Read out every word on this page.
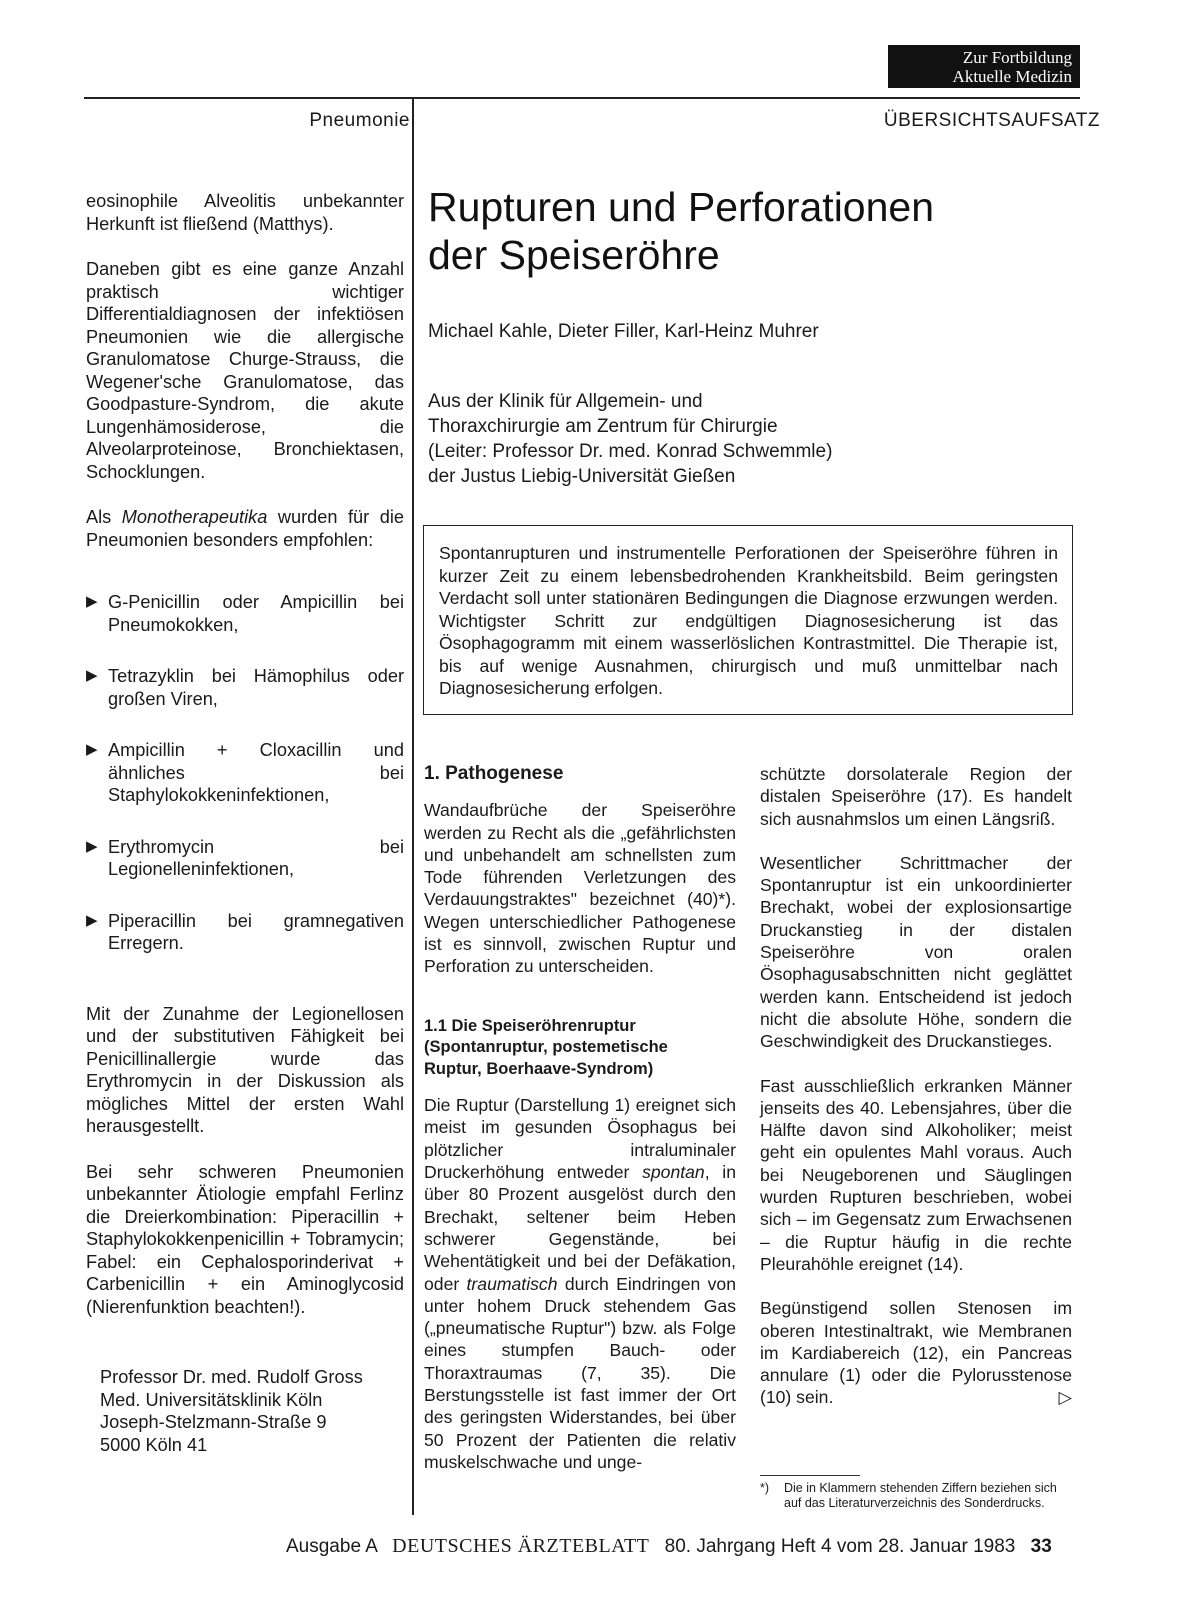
Zur Fortbildung
Aktuelle Medizin
Pneumonie	ÜBERSICHTSAUFSATZ

eosinophile Alveolitis unbekannter Herkunft ist fließend (Matthys).

Daneben gibt es eine ganze Anzahl praktisch wichtiger Differentialdiagnosen der infektiösen Pneumonien wie die allergische Granulomatose Churge-Strauss, die Wegener'sche Granulomatose, das Goodpasture-Syndrom, die akute Lungenhämosiderose, die Alveolarproteinose, Bronchiektasen, Schocklungen.

Als Monotherapeutika wurden für die Pneumonien besonders empfohlen:

▶ G-Penicillin oder Ampicillin bei Pneumokokken,
▶ Tetrazyklin bei Hämophilus oder großen Viren,
▶ Ampicillin + Cloxacillin und ähnliches bei Staphylokokkeninfektionen,
▶ Erythromycin bei Legionelleninfektionen,
▶ Piperacillin bei gramnegativen Erregern.

Mit der Zunahme der Legionellosen und der substitutiven Fähigkeit bei Penicillinallergie wurde das Erythromycin in der Diskussion als mögliches Mittel der ersten Wahl herausgestellt.

Bei sehr schweren Pneumonien unbekannter Ätiologie empfahl Ferlinz die Dreierkombination: Piperacillin + Staphylokokkenpenicillin + Tobramycin; Fabel: ein Cephalosporinderivat + Carbenicillin + ein Aminoglycosid (Nierenfunktion beachten!).

Professor Dr. med. Rudolf Gross
Med. Universitätsklinik Köln
Joseph-Stelzmann-Straße 9
5000 Köln 41

Rupturen und Perforationen
der Speiseröhre
Michael Kahle, Dieter Filler, Karl-Heinz Muhrer
Aus der Klinik für Allgemein- und
Thoraxchirurgie am Zentrum für Chirurgie
(Leiter: Professor Dr. med. Konrad Schwemmle)
der Justus Liebig-Universität Gießen

Spontanrupturen und instrumentelle Perforationen der Speiseröhre führen in kurzer Zeit zu einem lebensbedrohenden Krankheitsbild. Beim geringsten Verdacht soll unter stationären Bedingungen die Diagnose erzwungen werden. Wichtigster Schritt zur endgültigen Diagnosesicherung ist das Ösophagogramm mit einem wasserlöslichen Kontrastmittel. Die Therapie ist, bis auf wenige Ausnahmen, chirurgisch und muß unmittelbar nach Diagnosesicherung erfolgen.

1. Pathogenese

Wandaufbrüche der Speiseröhre werden zu Recht als die „gefährlichsten und unbehandelt am schnellsten zum Tode führenden Verletzungen des Verdauungstraktes" bezeichnet (40)*). Wegen unterschiedlicher Pathogenese ist es sinnvoll, zwischen Ruptur und Perforation zu unterscheiden.

1.1 Die Speiseröhrenruptur
(Spontanruptur, postemetische
Ruptur, Boerhaave-Syndrom)

Die Ruptur (Darstellung 1) ereignet sich meist im gesunden Ösophagus bei plötzlicher intraluminaler Druckerhöhung entweder spontan, in über 80 Prozent ausgelöst durch den Brechakt, seltener beim Heben schwerer Gegenstände, bei Wehentätigkeit und bei der Defäkation, oder traumatisch durch Eindringen von unter hohem Druck stehendem Gas („pneumatische Ruptur") bzw. als Folge eines stumpfen Bauch- oder Thoraxtraumas (7, 35). Die Berstungsstelle ist fast immer der Ort des geringsten Widerstandes, bei über 50 Prozent der Patienten die relativ muskelschwache und unge-

schützte dorsolaterale Region der distalen Speiseröhre (17). Es handelt sich ausnahmslos um einen Längsriß.

Wesentlicher Schrittmacher der Spontanruptur ist ein unkoordinierter Brechakt, wobei der explosionsartige Druckanstieg in der distalen Speiseröhre von oralen Ösophagusabschnitten nicht geglättet werden kann. Entscheidend ist jedoch nicht die absolute Höhe, sondern die Geschwindigkeit des Druckanstieges.

Fast ausschließlich erkranken Männer jenseits des 40. Lebensjahres, über die Hälfte davon sind Alkoholiker; meist geht ein opulentes Mahl voraus. Auch bei Neugeborenen und Säuglingen wurden Rupturen beschrieben, wobei sich – im Gegensatz zum Erwachsenen – die Ruptur häufig in die rechte Pleurahöhle ereignet (14).

Begünstigend sollen Stenosen im oberen Intestinaltrakt, wie Membranen im Kardiabereich (12), ein Pancreas annulare (1) oder die Pylorusstenose (10) sein.	▷

*)	Die in Klammern stehenden Ziffern beziehen sich auf das Literaturverzeichnis des Sonderdrucks.
Ausgabe A DEUTSCHES ÄRZTEBLATT 80. Jahrgang Heft 4 vom 28. Januar 1983 33
